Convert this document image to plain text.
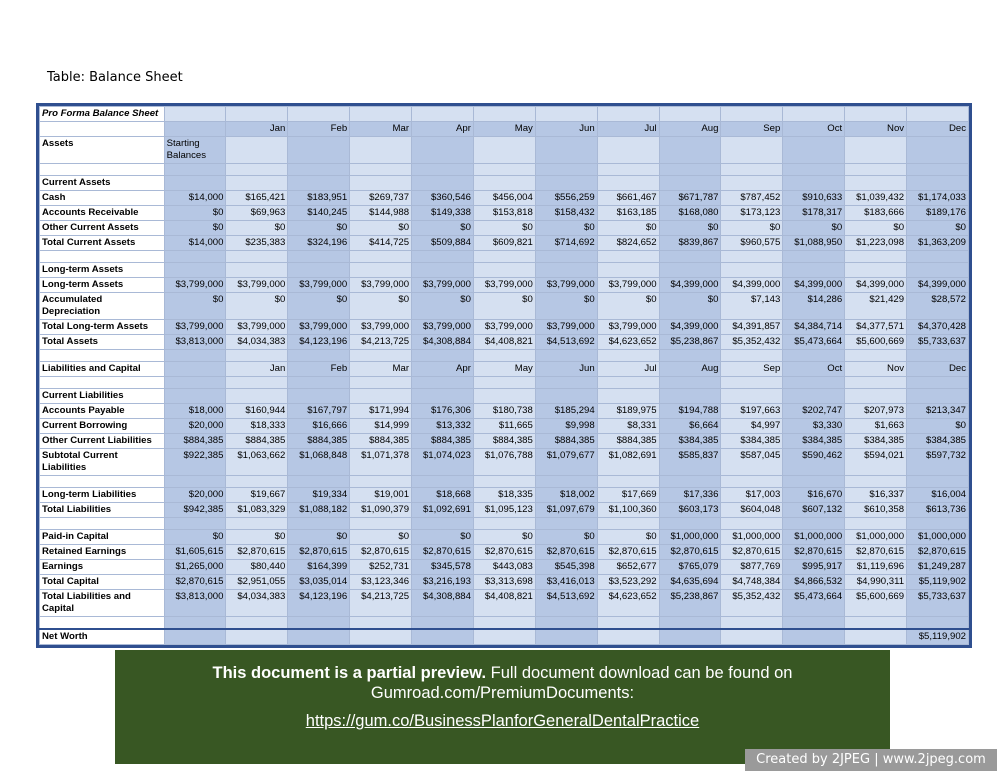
Table: Balance Sheet
Pro Forma Balance Sheet													
		Jan	Feb	Mar	Apr	May	Jun	Jul	Aug	Sep	Oct	Nov	Dec
Assets	Starting Balances												

Current Assets													
Cash	$14,000	$165,421	$183,951	$269,737	$360,546	$456,004	$556,259	$661,467	$671,787	$787,452	$910,633	$1,039,432	$1,174,033
Accounts Receivable	$0	$69,963	$140,245	$144,988	$149,338	$153,818	$158,432	$163,185	$168,080	$173,123	$178,317	$183,666	$189,176
Other Current Assets	$0	$0	$0	$0	$0	$0	$0	$0	$0	$0	$0	$0	$0
Total Current Assets	$14,000	$235,383	$324,196	$414,725	$509,884	$609,821	$714,692	$824,652	$839,867	$960,575	$1,088,950	$1,223,098	$1,363,209

Long-term Assets													
Long-term Assets	$3,799,000	$3,799,000	$3,799,000	$3,799,000	$3,799,000	$3,799,000	$3,799,000	$3,799,000	$4,399,000	$4,399,000	$4,399,000	$4,399,000	$4,399,000
Accumulated Depreciation	$0	$0	$0	$0	$0	$0	$0	$0	$0	$7,143	$14,286	$21,429	$28,572
Total Long-term Assets	$3,799,000	$3,799,000	$3,799,000	$3,799,000	$3,799,000	$3,799,000	$3,799,000	$3,799,000	$4,399,000	$4,391,857	$4,384,714	$4,377,571	$4,370,428
Total Assets	$3,813,000	$4,034,383	$4,123,196	$4,213,725	$4,308,884	$4,408,821	$4,513,692	$4,623,652	$5,238,867	$5,352,432	$5,473,664	$5,600,669	$5,733,637

Liabilities and Capital		Jan	Feb	Mar	Apr	May	Jun	Jul	Aug	Sep	Oct	Nov	Dec

Current Liabilities													
Accounts Payable	$18,000	$160,944	$167,797	$171,994	$176,306	$180,738	$185,294	$189,975	$194,788	$197,663	$202,747	$207,973	$213,347
Current Borrowing	$20,000	$18,333	$16,666	$14,999	$13,332	$11,665	$9,998	$8,331	$6,664	$4,997	$3,330	$1,663	$0
Other Current Liabilities	$884,385	$884,385	$884,385	$884,385	$884,385	$884,385	$884,385	$884,385	$384,385	$384,385	$384,385	$384,385	$384,385
Subtotal Current Liabilities	$922,385	$1,063,662	$1,068,848	$1,071,378	$1,074,023	$1,076,788	$1,079,677	$1,082,691	$585,837	$587,045	$590,462	$594,021	$597,732

Long-term Liabilities	$20,000	$19,667	$19,334	$19,001	$18,668	$18,335	$18,002	$17,669	$17,336	$17,003	$16,670	$16,337	$16,004
Total Liabilities	$942,385	$1,083,329	$1,088,182	$1,090,379	$1,092,691	$1,095,123	$1,097,679	$1,100,360	$603,173	$604,048	$607,132	$610,358	$613,736

Paid-in Capital	$0	$0	$0	$0	$0	$0	$0	$0	$1,000,000	$1,000,000	$1,000,000	$1,000,000	$1,000,000
Retained Earnings	$1,605,615	$2,870,615	$2,870,615	$2,870,615	$2,870,615	$2,870,615	$2,870,615	$2,870,615	$2,870,615	$2,870,615	$2,870,615	$2,870,615	$2,870,615
Earnings	$1,265,000	$80,440	$164,399	$252,731	$345,578	$443,083	$545,398	$652,677	$765,079	$877,769	$995,917	$1,119,696	$1,249,287
Total Capital	$2,870,615	$2,951,055	$3,035,014	$3,123,346	$3,216,193	$3,313,698	$3,416,013	$3,523,292	$4,635,694	$4,748,384	$4,866,532	$4,990,311	$5,119,902
Total Liabilities and Capital	$3,813,000	$4,034,383	$4,123,196	$4,213,725	$4,308,884	$4,408,821	$4,513,692	$4,623,652	$5,238,867	$5,352,432	$5,473,664	$5,600,669	$5,733,637

Net Worth													$5,119,902
This document is a partial preview. Full document download can be found on Gumroad.com/PremiumDocuments:
https://gum.co/BusinessPlanforGeneralDentalPractice
Created by 2JPEG | www.2jpeg.com
